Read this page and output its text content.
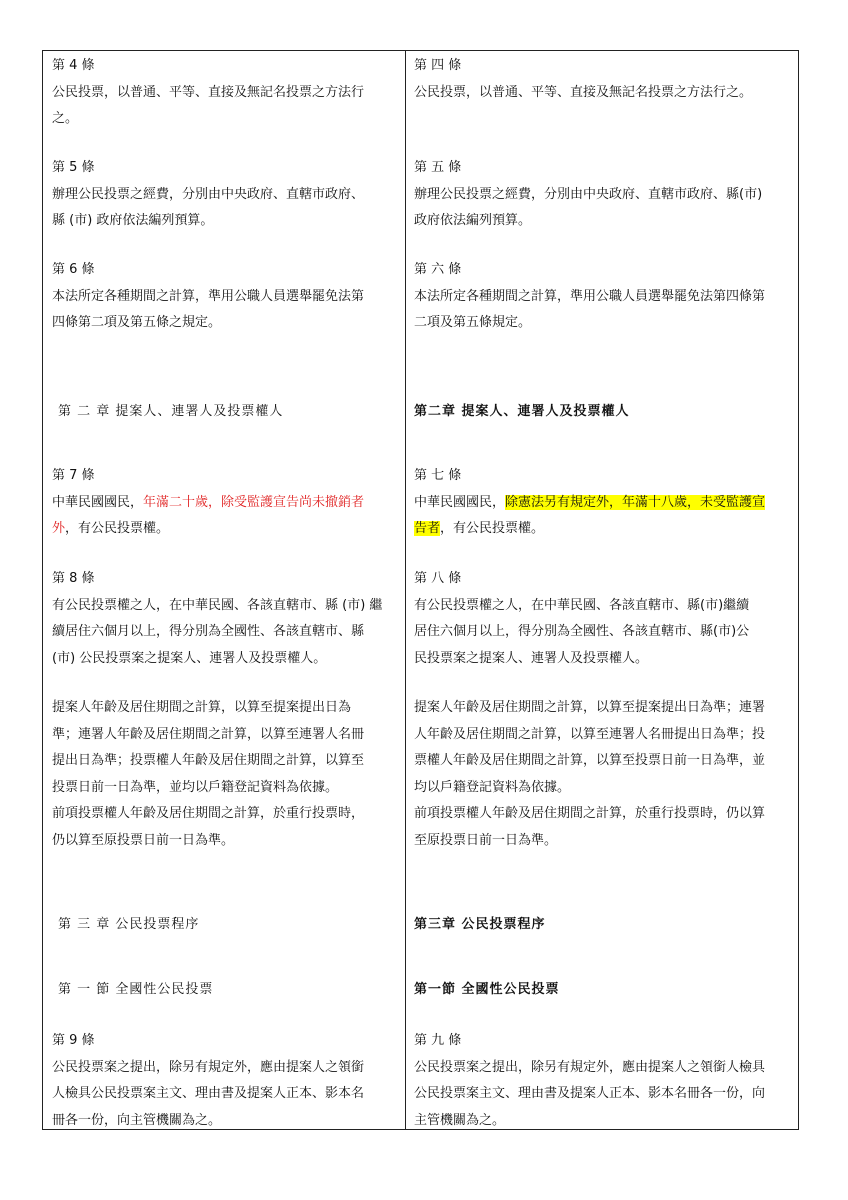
第 4 條
公民投票，以普通、平等、直接及無記名投票之方法行
之。
第 5 條
辦理公民投票之經費，分別由中央政府、直轄市政府、
縣 (市) 政府依法編列預算。
第 6 條
本法所定各種期間之計算，準用公職人員選舉罷免法第
四條第二項及第五條之規定。
第 二 章 提案人、連署人及投票權人
第 7 條
中華民國國民，年滿二十歲，除受監護宣告尚未撤銷者
外，有公民投票權。
第 8 條
有公民投票權之人，在中華民國、各該直轄市、縣 (市) 繼
續居住六個月以上，得分別為全國性、各該直轄市、縣
(市) 公民投票案之提案人、連署人及投票權人。
提案人年齡及居住期間之計算，以算至提案提出日為
準；連署人年齡及居住期間之計算，以算至連署人名冊
提出日為準；投票權人年齡及居住期間之計算，以算至
投票日前一日為準，並均以戶籍登記資料為依據。
前項投票權人年齡及居住期間之計算，於重行投票時，
仍以算至原投票日前一日為準。
第 三 章 公民投票程序
第 一 節 全國性公民投票
第 9 條
公民投票案之提出，除另有規定外，應由提案人之領銜
人檢具公民投票案主文、理由書及提案人正本、影本名
冊各一份，向主管機關為之。
第 四 條
公民投票，以普通、平等、直接及無記名投票之方法行之。
第 五 條
辦理公民投票之經費，分別由中央政府、直轄市政府、縣(市)
政府依法編列預算。
第 六 條
本法所定各種期間之計算，準用公職人員選舉罷免法第四條第
二項及第五條規定。
第二章 提案人、連署人及投票權人
第 七 條
中華民國國民，除憲法另有規定外，年滿十八歲，未受監護宣
告者，有公民投票權。
第 八 條
有公民投票權之人，在中華民國、各該直轄市、縣(市)繼續
居住六個月以上，得分別為全國性、各該直轄市、縣(市)公
民投票案之提案人、連署人及投票權人。
提案人年齡及居住期間之計算，以算至提案提出日為準；連署
人年齡及居住期間之計算，以算至連署人名冊提出日為準；投
票權人年齡及居住期間之計算，以算至投票日前一日為準，並
均以戶籍登記資料為依據。
前項投票權人年齡及居住期間之計算，於重行投票時，仍以算
至原投票日前一日為準。
第三章 公民投票程序
第一節 全國性公民投票
第 九 條
公民投票案之提出，除另有規定外，應由提案人之領銜人檢具
公民投票案主文、理由書及提案人正本、影本名冊各一份，向
主管機關為之。
